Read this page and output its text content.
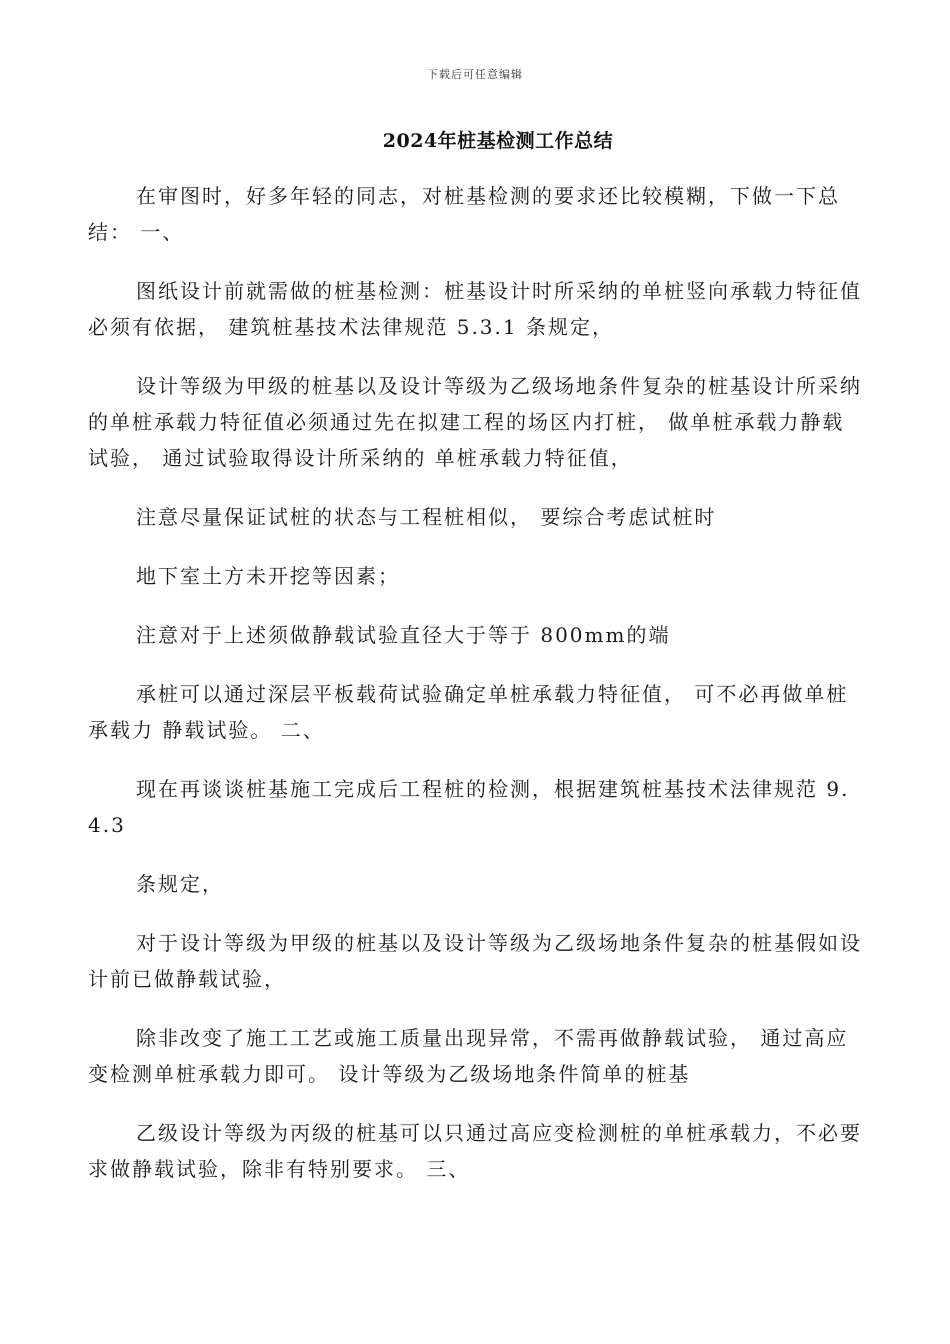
下载后可任意编辑
2024年桩基检测工作总结

在审图时，好多年轻的同志，对桩基检测的要求还比较模糊，下做一下总结： 一、

图纸设计前就需做的桩基检测：桩基设计时所采纳的单桩竖向承载力特征值必须有依据， 建筑桩基技术法律规范 5.3.1 条规定，

设计等级为甲级的桩基以及设计等级为乙级场地条件复杂的桩基设计所采纳的单桩承载力特征值必须通过先在拟建工程的场区内打桩， 做单桩承载力静载试验， 通过试验取得设计所采纳的 单桩承载力特征值，

注意尽量保证试桩的状态与工程桩相似， 要综合考虑试桩时

地下室土方未开挖等因素；

注意对于上述须做静载试验直径大于等于 800mm的端

承桩可以通过深层平板载荷试验确定单桩承载力特征值， 可不必再做单桩承载力 静载试验。 二、

现在再谈谈桩基施工完成后工程桩的检测，根据建筑桩基技术法律规范 9.4.3

条规定，

对于设计等级为甲级的桩基以及设计等级为乙级场地条件复杂的桩基假如设计前已做静载试验，

除非改变了施工工艺或施工质量出现异常，不需再做静载试验， 通过高应变检测单桩承载力即可。 设计等级为乙级场地条件简单的桩基

乙级设计等级为丙级的桩基可以只通过高应变检测桩的单桩承载力，不必要求做静载试验，除非有特别要求。 三、
